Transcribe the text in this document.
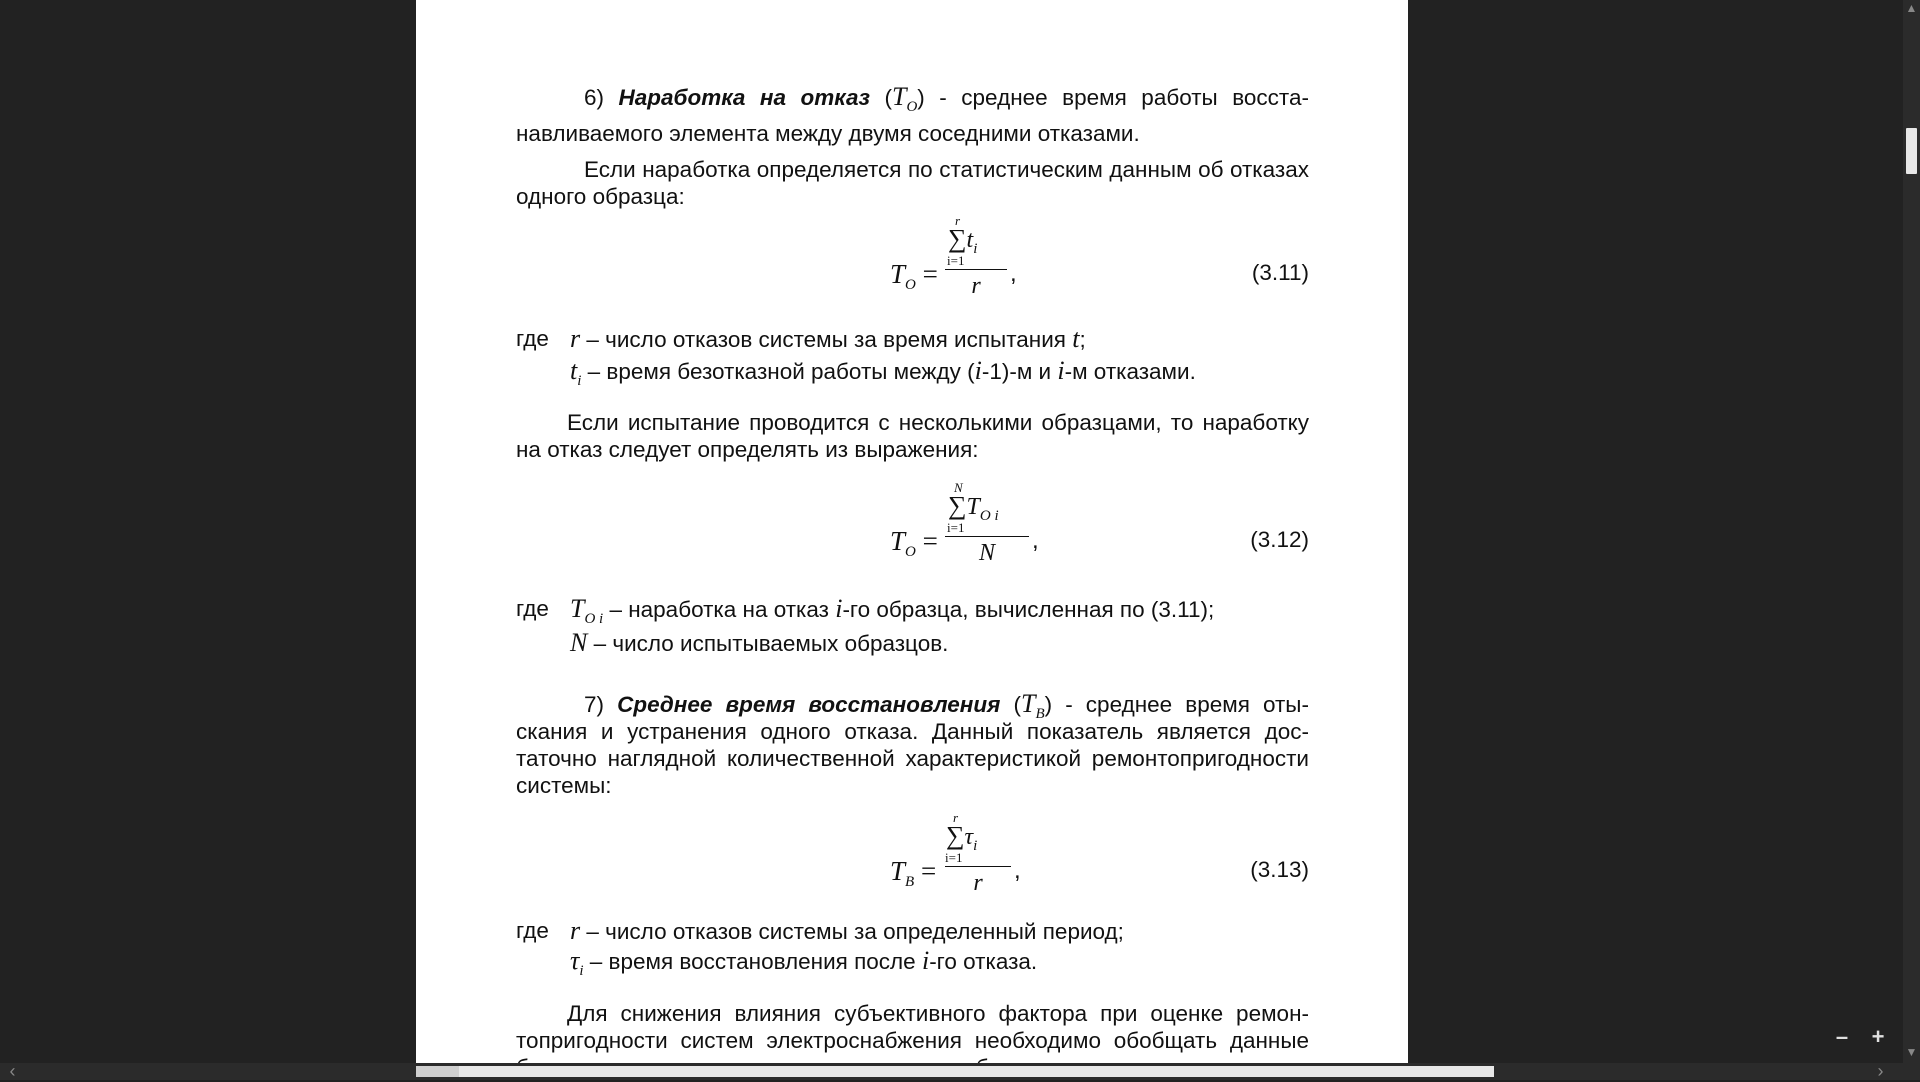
6) Наработка на отказ $(T_O)$ - среднее время работы восста-
навливаемого элемента между двумя соседними отказами.
Если наработка определяется по статистическим данным об отказах одного образца:
$T_O$ =
r
$\sum t_i$
i=1
r	,	(3.11)
где r – число отказов системы за время испытания t;
$t_i$ – время безотказной работы между (i-1)-м и i-м отказами.
Если испытание проводится с несколькими образцами, то наработку на отказ следует определять из выражения:
$T_O$ =
N
$\sum T_{O i}$
i=1
N	,	(3.12)
где $T_{O i}$ – наработка на отказ i-го образца, вычисленная по (3.11);
N – число испытываемых образцов.
7) Среднее время восстановления $(T_B)$ - среднее время отыскания и устранения одного отказа. Данный показатель является достаточно наглядной количественной характеристикой ремонтопригодности системы:
$T_B$ =
r
$\sum\tau_i$
i=1
r	,	(3.13)
где r – число отказов системы за определенный период;
$\tau_i$ – время восстановления после i-го отказа.
Для снижения влияния субъективного фактора при оценке ремонтопригодности систем электроснабжения необходимо обобщать данные	– +
▲
▼
‹	›
